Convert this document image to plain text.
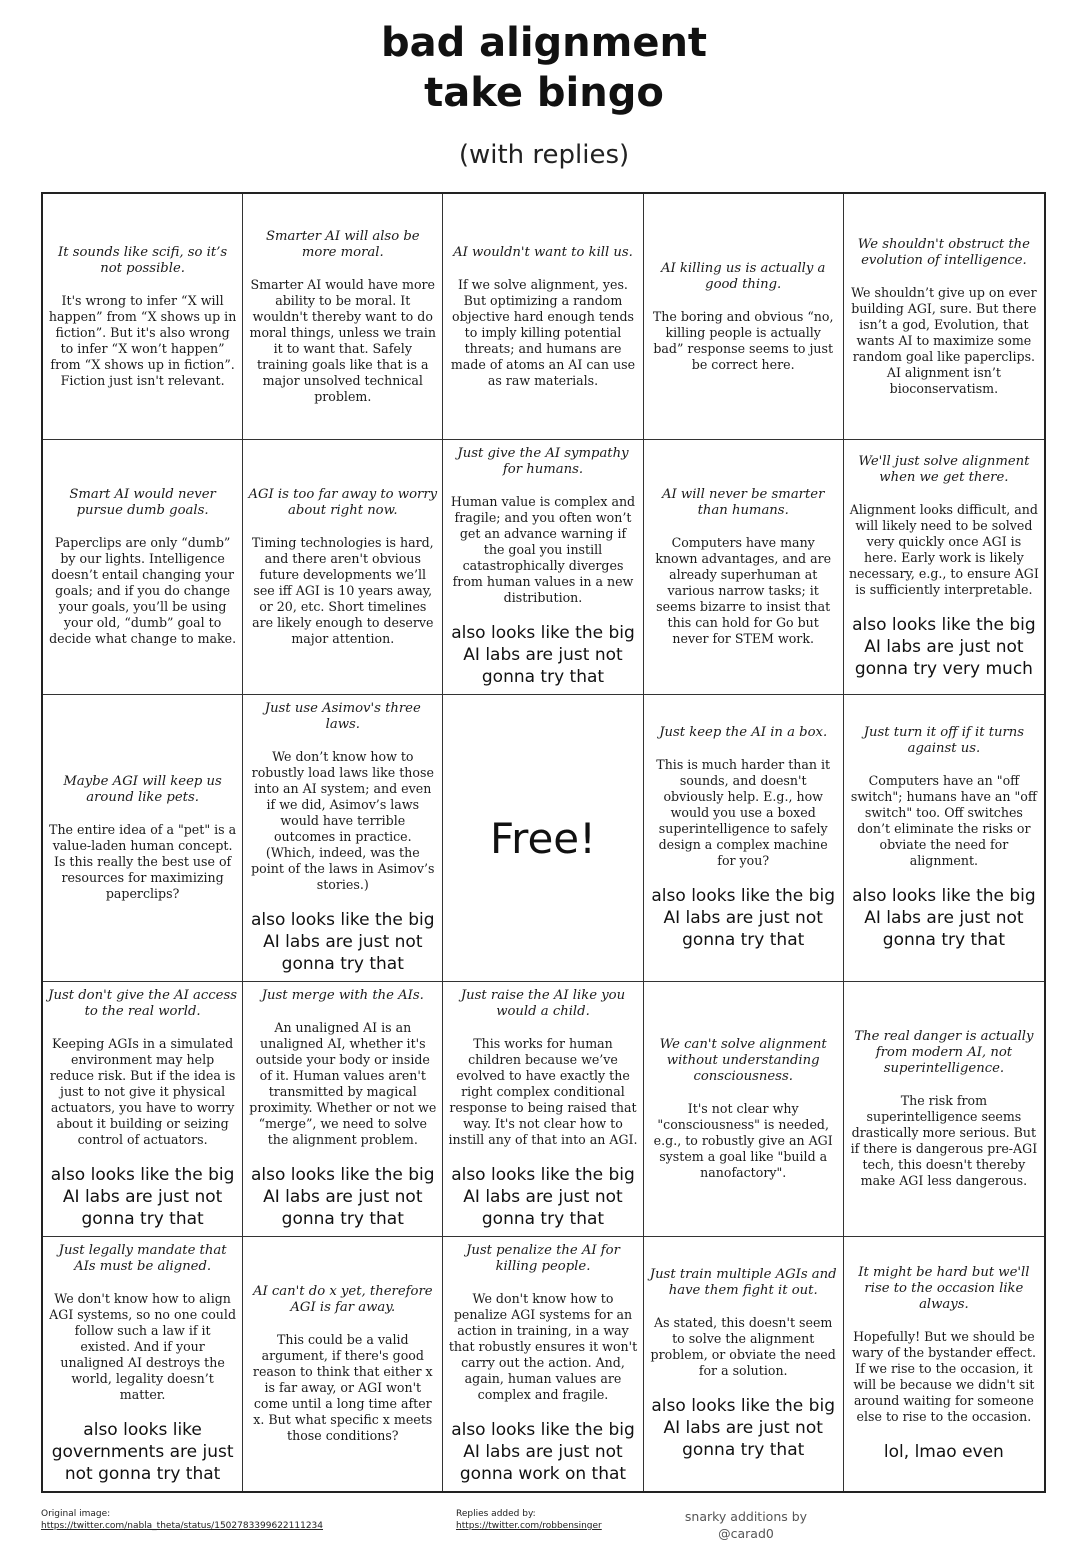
bad alignment
take bingo
(with replies)
It sounds like scifi, so it’s not possible.
It's wrong to infer “X will happen” from “X shows up in fiction”. But it's also wrong to infer “X won’t happen” from “X shows up in fiction”. Fiction just isn't relevant.
Smarter AI will also be more moral.
Smarter AI would have more ability to be moral. It wouldn't thereby want to do moral things, unless we train it to want that. Safely training goals like that is a major unsolved technical problem.
AI wouldn't want to kill us.
If we solve alignment, yes. But optimizing a random objective hard enough tends to imply killing potential threats; and humans are made of atoms an AI can use as raw materials.
AI killing us is actually a good thing.
The boring and obvious “no, killing people is actually bad” response seems to just be correct here.
We shouldn't obstruct the evolution of intelligence.
We shouldn’t give up on ever building AGI, sure. But there isn’t a god, Evolution, that wants AI to maximize some random goal like paperclips. AI alignment isn’t bioconservatism.
Smart AI would never pursue dumb goals.
Paperclips are only “dumb” by our lights. Intelligence doesn’t entail changing your goals; and if you do change your goals, you’ll be using your old, “dumb” goal to decide what change to make.
AGI is too far away to worry about right now.
Timing technologies is hard, and there aren't obvious future developments we’ll see iff AGI is 10 years away, or 20, etc. Short timelines are likely enough to deserve major attention.
Just give the AI sympathy for humans.
Human value is complex and fragile; and you often won’t get an advance warning if the goal you instill catastrophically diverges from human values in a new distribution.
also looks like the big AI labs are just not gonna try that
AI will never be smarter than humans.
Computers have many known advantages, and are already superhuman at various narrow tasks; it seems bizarre to insist that this can hold for Go but never for STEM work.
We'll just solve alignment when we get there.
Alignment looks difficult, and will likely need to be solved very quickly once AGI is here. Early work is likely necessary, e.g., to ensure AGI is sufficiently interpretable.
also looks like the big AI labs are just not gonna try very much
Maybe AGI will keep us around like pets.
The entire idea of a "pet" is a value-laden human concept. Is this really the best use of resources for maximizing paperclips?
Just use Asimov's three laws.
We don’t know how to robustly load laws like those into an AI system; and even if we did, Asimov’s laws would have terrible outcomes in practice. (Which, indeed, was the point of the laws in Asimov’s stories.)
also looks like the big AI labs are just not gonna try that
Free!
Just keep the AI in a box.
This is much harder than it sounds, and doesn't obviously help. E.g., how would you use a boxed superintelligence to safely design a complex machine for you?
also looks like the big AI labs are just not gonna try that
Just turn it off if it turns against us.
Computers have an "off switch"; humans have an "off switch" too. Off switches don’t eliminate the risks or obviate the need for alignment.
also looks like the big AI labs are just not gonna try that
Just don't give the AI access to the real world.
Keeping AGIs in a simulated environment may help reduce risk. But if the idea is just to not give it physical actuators, you have to worry about it building or seizing control of actuators.
also looks like the big AI labs are just not gonna try that
Just merge with the AIs.
An unaligned AI is an unaligned AI, whether it's outside your body or inside of it. Human values aren't transmitted by magical proximity. Whether or not we “merge”, we need to solve the alignment problem.
also looks like the big AI labs are just not gonna try that
Just raise the AI like you would a child.
This works for human children because we’ve evolved to have exactly the right complex conditional response to being raised that way. It's not clear how to instill any of that into an AGI.
also looks like the big AI labs are just not gonna try that
We can't solve alignment without understanding consciousness.
It's not clear why "consciousness" is needed, e.g., to robustly give an AGI system a goal like "build a nanofactory".
The real danger is actually from modern AI, not superintelligence.
The risk from superintelligence seems drastically more serious. But if there is dangerous pre-AGI tech, this doesn't thereby make AGI less dangerous.
Just legally mandate that AIs must be aligned.
We don't know how to align AGI systems, so no one could follow such a law if it existed. And if your unaligned AI destroys the world, legality doesn’t matter.
also looks like governments are just not gonna try that
AI can't do x yet, therefore AGI is far away.
This could be a valid argument, if there's good reason to think that either x is far away, or AGI won't come until a long time after x. But what specific x meets those conditions?
Just penalize the AI for killing people.
We don't know how to penalize AGI systems for an action in training, in a way that robustly ensures it won't carry out the action. And, again, human values are complex and fragile.
also looks like the big AI labs are just not gonna work on that
Just train multiple AGIs and have them fight it out.
As stated, this doesn't seem to solve the alignment problem, or obviate the need for a solution.
also looks like the big AI labs are just not gonna try that
It might be hard but we'll rise to the occasion like always.
Hopefully! But we should be wary of the bystander effect. If we rise to the occasion, it will be because we didn't sit around waiting for someone else to rise to the occasion.
lol, lmao even
Original image:
https://twitter.com/nabla_theta/status/1502783399622111234
Replies added by:
https://twitter.com/robbensinger
snarky additions by
@carad0
